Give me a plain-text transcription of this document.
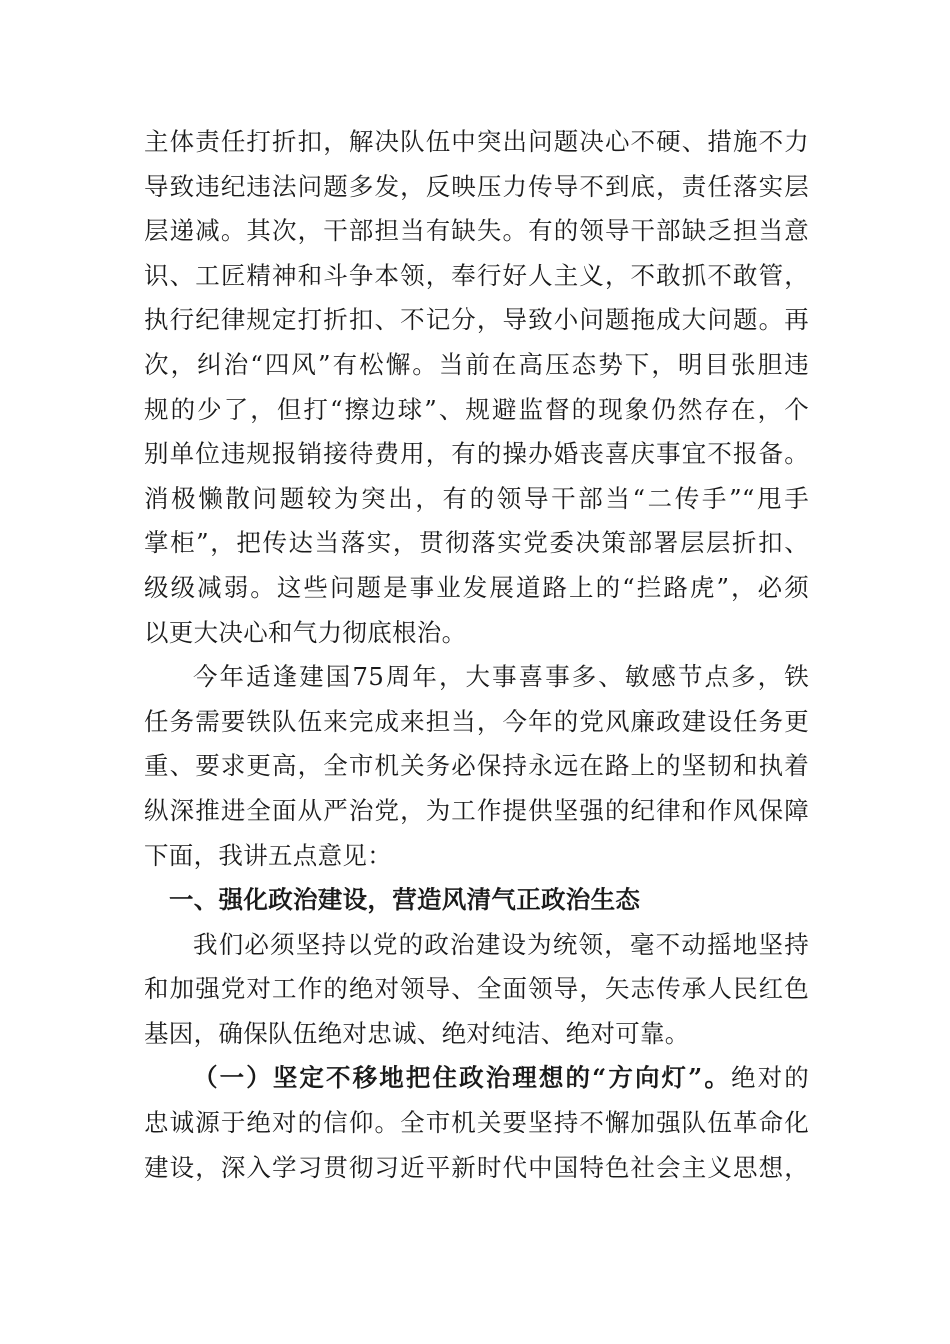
主体责任打折扣，解决队伍中突出问题决心不硬、措施不力
导致违纪违法问题多发，反映压力传导不到底，责任落实层
层递减。其次，干部担当有缺失。有的领导干部缺乏担当意
识、工匠精神和斗争本领，奉行好人主义，不敢抓不敢管，
执行纪律规定打折扣、不记分，导致小问题拖成大问题。再
次，纠治“四风”有松懈。当前在高压态势下，明目张胆违
规的少了，但打“擦边球”、规避监督的现象仍然存在，个
别单位违规报销接待费用，有的操办婚丧喜庆事宜不报备。
消极懒散问题较为突出，有的领导干部当“二传手”“甩手
掌柜”，把传达当落实，贯彻落实党委决策部署层层折扣、
级级减弱。这些问题是事业发展道路上的“拦路虎”，必须
以更大决心和气力彻底根治。
今年适逢建国75周年，大事喜事多、敏感节点多，铁
任务需要铁队伍来完成来担当，今年的党风廉政建设任务更
重、要求更高，全市机关务必保持永远在路上的坚韧和执着
纵深推进全面从严治党，为工作提供坚强的纪律和作风保障
下面，我讲五点意见：
一、强化政治建设，营造风清气正政治生态
我们必须坚持以党的政治建设为统领，毫不动摇地坚持
和加强党对工作的绝对领导、全面领导，矢志传承人民红色
基因，确保队伍绝对忠诚、绝对纯洁、绝对可靠。
（一）坚定不移地把住政治理想的“方向灯”。绝对的
忠诚源于绝对的信仰。全市机关要坚持不懈加强队伍革命化
建设，深入学习贯彻习近平新时代中国特色社会主义思想，
